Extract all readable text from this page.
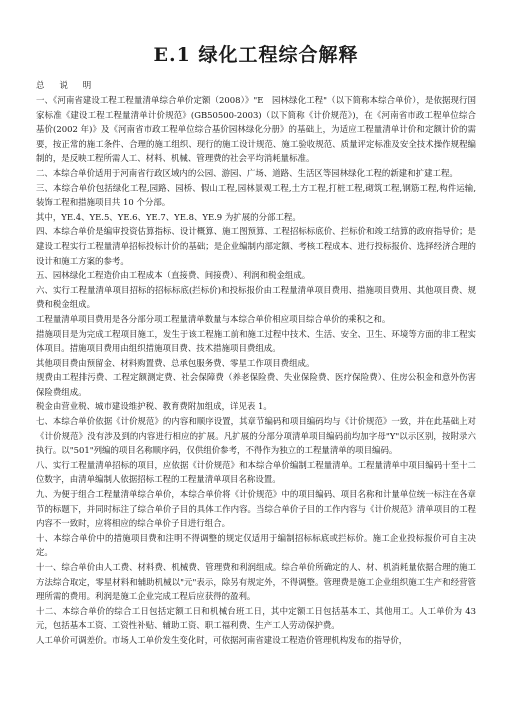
E.1 绿化工程综合解释

总 说 明

一、《河南省建设工程工程量清单综合单价定额（2008）》"E　园林绿化工程"（以下简称本综合单价），是依据现行国家标准《建设工程工程量清单计价规范》(GB50500-2003)（以下简称《计价规范》)，在《河南省市政工程单位综合基价(2002 年)》及《河南省市政工程单位综合基价园林绿化分册》的基础上，为适应工程量清单计价和定额计价的需要，按正常的施工条件、合理的施工组织、现行的施工设计规范、施工验收规范、质量评定标准及安全技术操作规程编制的，是反映工程所需人工、材料、机械、管理费的社会平均消耗量标准。

二、本综合单价适用于河南省行政区域内的公园、游园、广场、道路、生活区等园林绿化工程的新建和扩建工程。

三、本综合单价包括绿化工程,园路、园桥、假山工程,园林景观工程,土方工程,打桩工程,砌筑工程,钢筋工程,构件运输,装饰工程和措施项目共 10 个分部。

其中，YE.4、YE.5、YE.6、YE.7、YE.8、YE.9 为扩展的分部工程。

四、本综合单价是编审投资估算指标、设计概算、施工图预算、工程招标标底价、拦标价和竣工结算的政府指导价；是建设工程实行工程量清单招标投标计价的基础；是企业编制内部定额、考核工程成本、进行投标报价、选择经济合理的设计和施工方案的参考。

五、园林绿化工程造价由工程成本（直接费、间接费）、利润和税金组成。

六、实行工程量清单项目招标的招标标底(拦标价)和投标报价由工程量清单项目费用、措施项目费用、其他项目费、规费和税金组成。

工程量清单项目费用是各分部分项工程量清单数量与本综合单价相应项目综合单价的乘积之和。

措施项目是为完成工程项目施工，发生于该工程施工前和施工过程中技术、生活、安全、卫生、环境等方面的非工程实体项目。措施项目费用由组织措施项目费、技术措施项目费组成。

其他项目费由预留金、材料购置费、总承包服务费、零星工作项目费组成。

规费由工程排污费、工程定额测定费、社会保障费（养老保险费、失业保险费、医疗保险费）、住房公积金和意外伤害保险费组成。

税金由营业税、城市建设维护税、教育费附加组成，详见表 1。

七、本综合单价依据《计价规范》的内容和顺序设置，其章节编码和项目编码均与《计价规范》一致，并在此基础上对《计价规范》没有涉及到的内容进行相应的扩展。凡扩展的分部分项清单项目编码前均加字母"Y"以示区别，按附录六执行。以"501"列编的项目名称顺序码，仅供组价参考，不得作为独立的工程量清单的项目编码。

八、实行工程量清单招标的项目，应依据《计价规范》和本综合单价编制工程量清单。工程量清单中项目编码十至十二位数字，由清单编制人依据招标工程的工程量清单项目名称设置。

九、为便于组合工程量清单综合单价，本综合单价将《计价规范》中的项目编码、项目名称和计量单位统一标注在各章节的标题下，并同时标注了综合单价子目的具体工作内容。当综合单价子目的工作内容与《计价规范》清单项目的工程内容不一致时，应将相应的综合单价子目进行组合。

十、本综合单价中的措施项目费和注明不得调整的规定仅适用于编制招标标底或拦标价。施工企业投标报价可自主决定。

十一、综合单价由人工费、材料费、机械费、管理费和利润组成。综合单价所确定的人、材、机消耗量依据合理的施工方法综合取定，零星材料和辅助机械以"元"表示，除另有规定外，不得调整。管理费是施工企业组织施工生产和经营管理所需的费用。利润是施工企业完成工程后应获得的盈利。

十二、本综合单价的综合工日包括定额工日和机械台班工日，其中定额工日包括基本工、其他用工。人工单价为 43 元，包括基本工资、工资性补贴、辅助工资、职工福利费、生产工人劳动保护费。

人工单价可调差价。市场人工单价发生变化时，可依据河南省建设工程造价管理机构发布的指导价，
